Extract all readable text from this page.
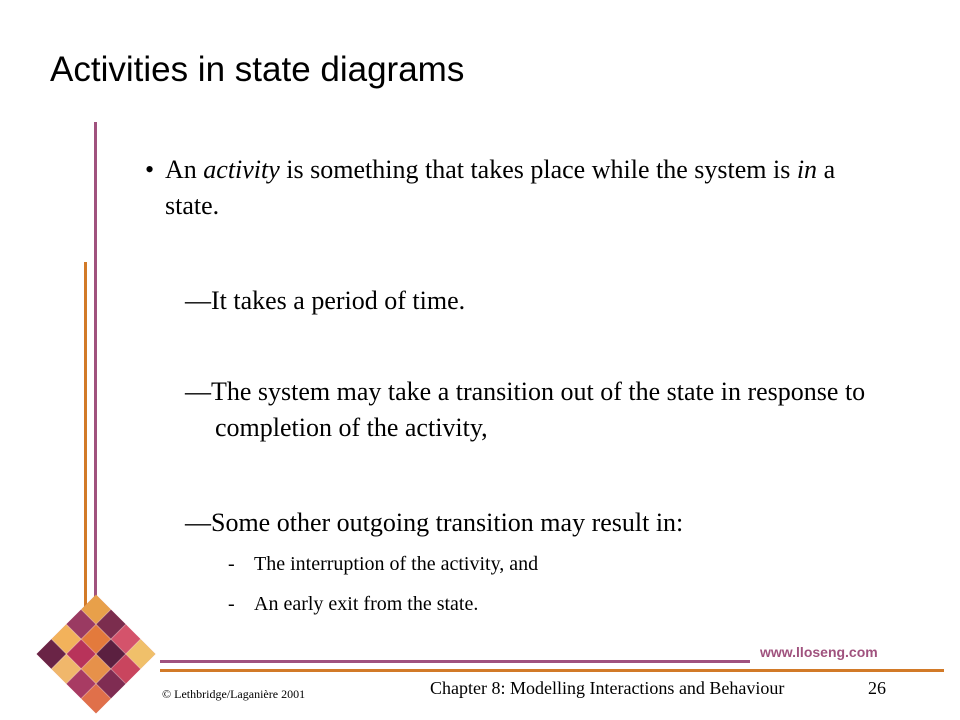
Activities in state diagrams
• An activity is something that takes place while the system is in a state.
—It takes a period of time.
—The system may take a transition out of the state in response to completion of the activity,
—Some other outgoing transition may result in:
- The interruption of the activity, and
- An early exit from the state.
www.lloseng.com
© Lethbridge/Laganière 2001	Chapter 8: Modelling Interactions and Behaviour	26
